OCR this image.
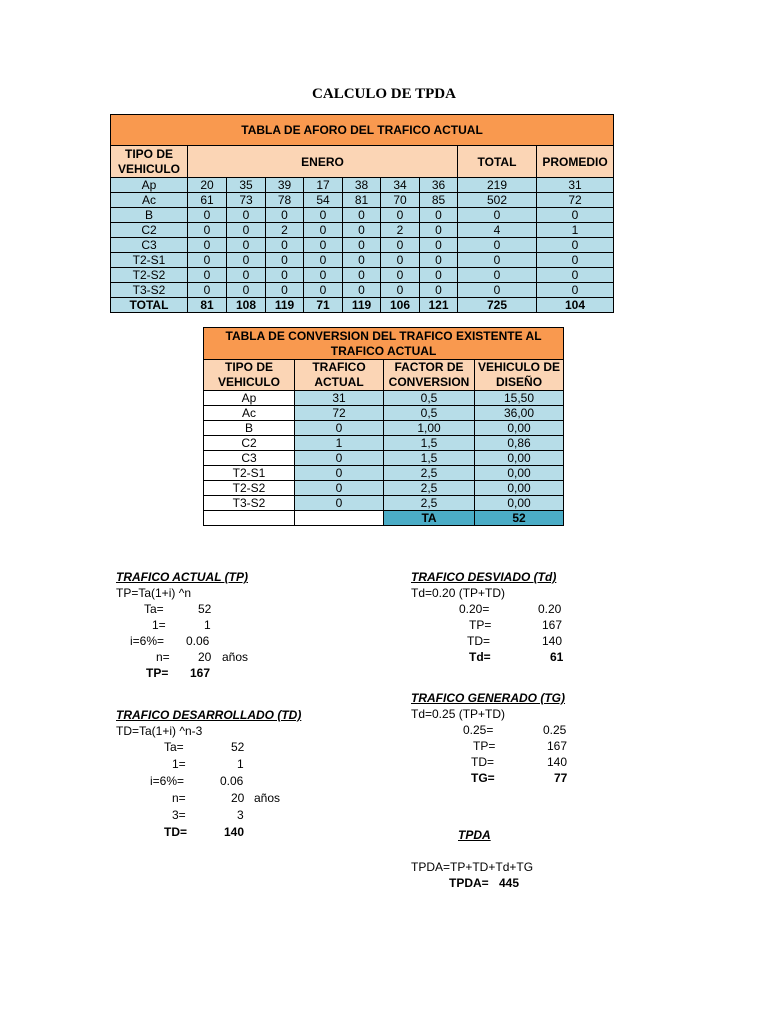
CALCULO DE TPDA
TABLA DE AFORO DEL TRAFICO ACTUAL									
TIPO DE VEHICULO	ENERO							TOTAL	PROMEDIO
Ap	20	35	39	17	38	34	36	219	31
Ac	61	73	78	54	81	70	85	502	72
B	0	0	0	0	0	0	0	0	0
C2	0	0	2	0	0	2	0	4	1
C3	0	0	0	0	0	0	0	0	0
T2-S1	0	0	0	0	0	0	0	0	0
T2-S2	0	0	0	0	0	0	0	0	0
T3-S2	0	0	0	0	0	0	0	0	0
TOTAL	81	108	119	71	119	106	121	725	104
TABLA DE CONVERSION DEL TRAFICO EXISTENTE AL TRAFICO ACTUAL			
TIPO DE VEHICULO	TRAFICO ACTUAL	FACTOR DE CONVERSION	VEHICULO DE DISEÑO
Ap	31	0,5	15,50
Ac	72	0,5	36,00
B	0	1,00	0,00
C2	1	1,5	0,86
C3	0	1,5	0,00
T2-S1	0	2,5	0,00
T2-S2	0	2,5	0,00
T3-S2	0	2,5	0,00
		TA	52
TRAFICO ACTUAL (TP)
TP=Ta(1+i) ^n
Ta=	52
1=	1
i=6%= 0.06
n= 20 años
TP= 167
TRAFICO DESARROLLADO (TD)
TD=Ta(1+i) ^n-3
Ta=	52
1=	1
i=6%=	0.06
n=	20 años
3=	3
TD=	140
TRAFICO DESVIADO (Td)
Td=0.20 (TP+TD)
0.20=	0.20
TP=	167
TD=	140
Td=	61
TRAFICO GENERADO (TG)
Td=0.25 (TP+TD)
0.25=	0.25
TP=	167
TD=	140
TG=	77
TPDA
TPDA=TP+TD+Td+TG
TPDA= 445
